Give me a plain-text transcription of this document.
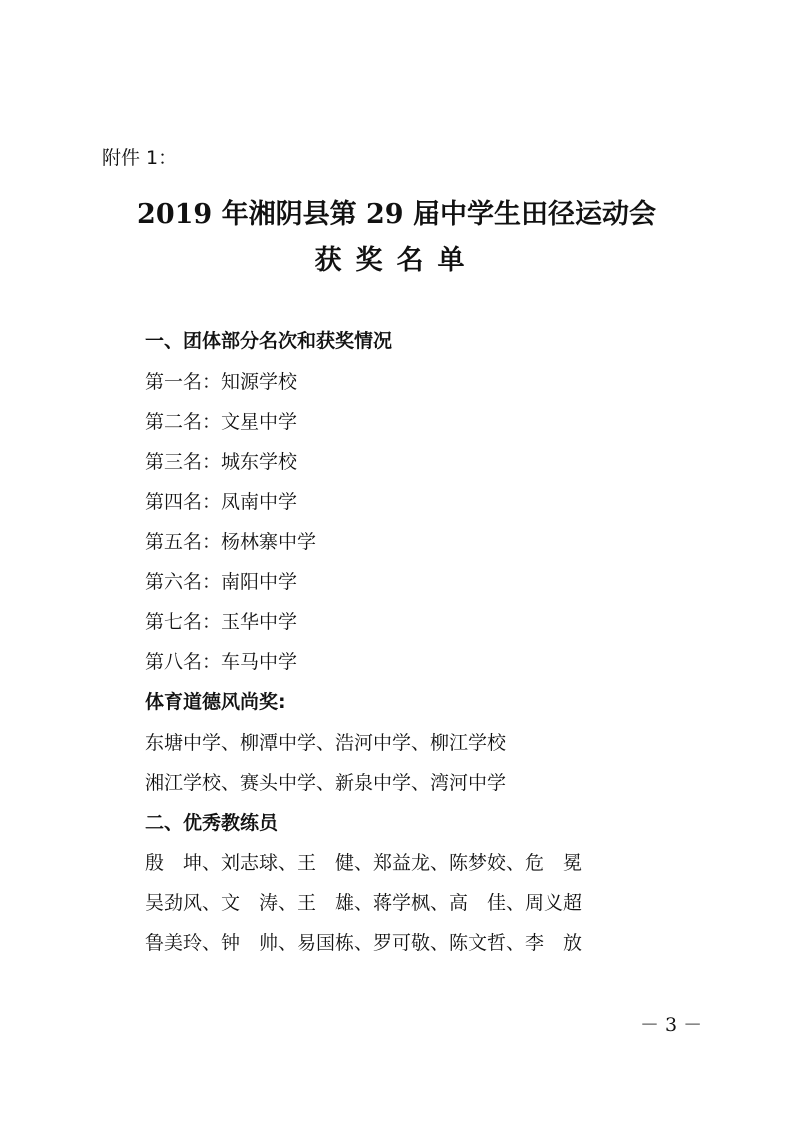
附件 1：
2019 年湘阴县第 29 届中学生田径运动会
获奖名单
一、团体部分名次和获奖情况
第一名：知源学校
第二名：文星中学
第三名：城东学校
第四名：凤南中学
第五名：杨林寨中学
第六名：南阳中学
第七名：玉华中学
第八名：车马中学
体育道德风尚奖:
东塘中学、柳潭中学、浩河中学、柳江学校
湘江学校、赛头中学、新泉中学、湾河中学
二、优秀教练员
殷　坤、刘志球、王　健、郑益龙、陈梦姣、危　冕
吴劲风、文　涛、王　雄、蒋学枫、高　佳、周义超
鲁美玲、钟　帅、易国栋、罗可敬、陈文哲、李　放
－ 3 －
